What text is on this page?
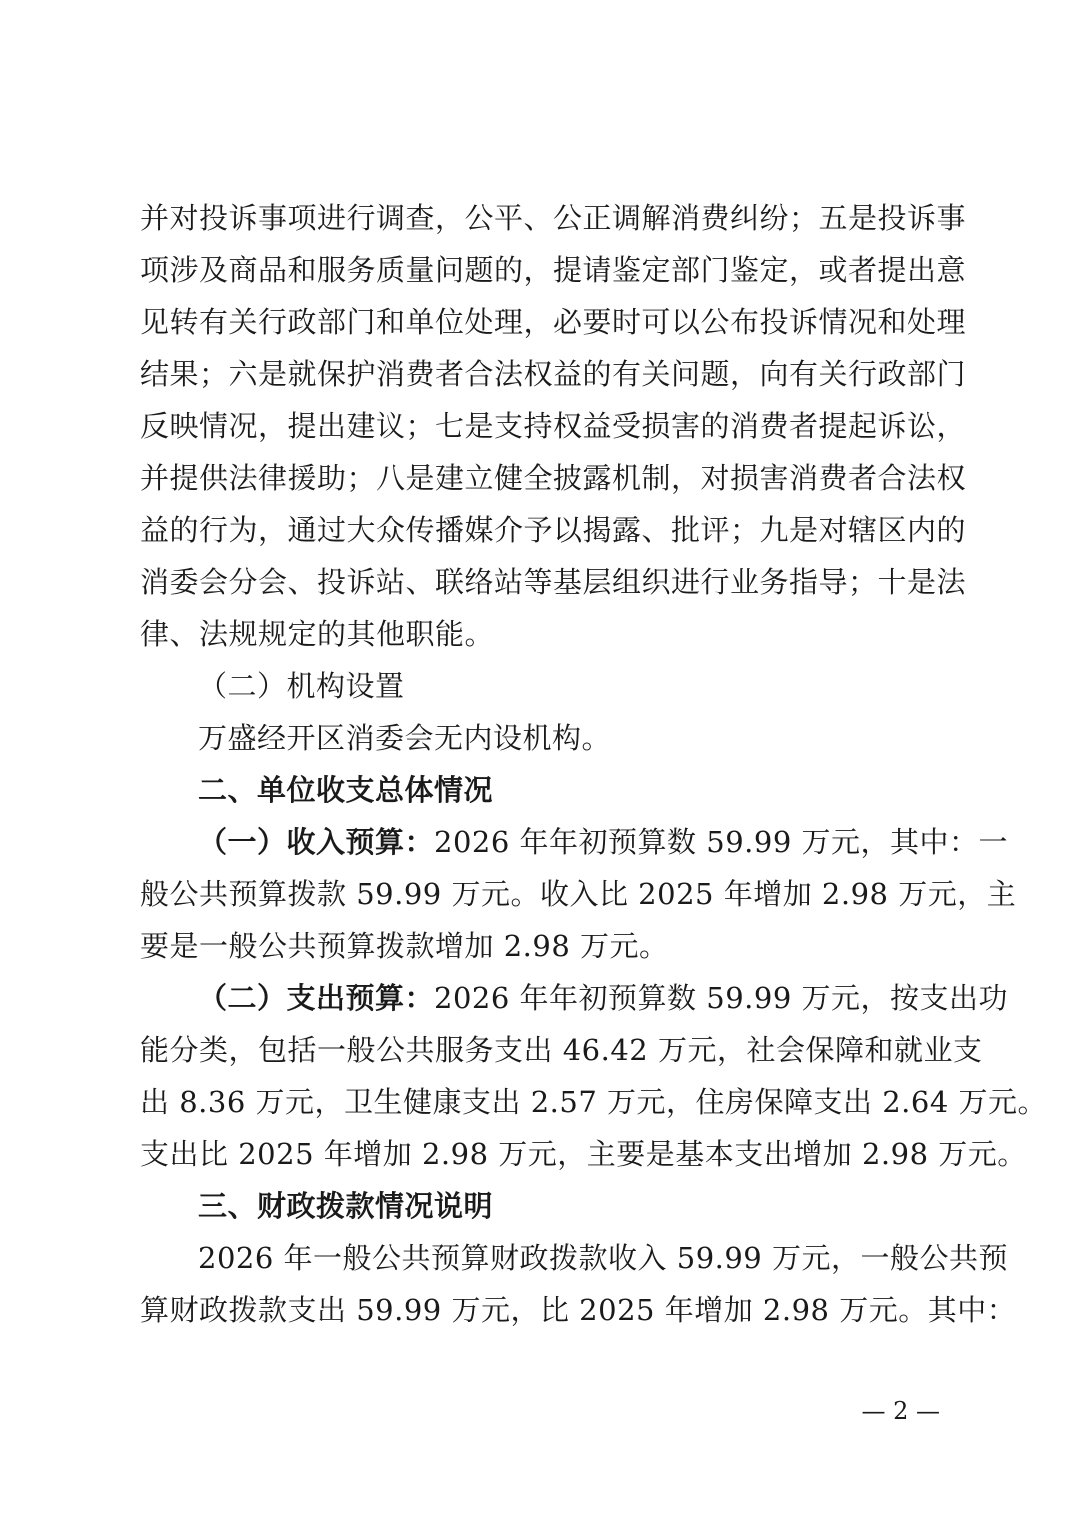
并对投诉事项进行调查，公平、公正调解消费纠纷；五是投诉事
项涉及商品和服务质量问题的，提请鉴定部门鉴定，或者提出意
见转有关行政部门和单位处理，必要时可以公布投诉情况和处理
结果；六是就保护消费者合法权益的有关问题，向有关行政部门
反映情况，提出建议；七是支持权益受损害的消费者提起诉讼，
并提供法律援助；八是建立健全披露机制，对损害消费者合法权
益的行为，通过大众传播媒介予以揭露、批评；九是对辖区内的
消委会分会、投诉站、联络站等基层组织进行业务指导；十是法
律、法规规定的其他职能。
（二）机构设置
万盛经开区消委会无内设机构。
二、单位收支总体情况
（一）收入预算：2026 年年初预算数 59.99 万元，其中：一
般公共预算拨款 59.99 万元。收入比 2025 年增加 2.98 万元，主
要是一般公共预算拨款增加 2.98 万元。
（二）支出预算：2026 年年初预算数 59.99 万元，按支出功
能分类，包括一般公共服务支出 46.42 万元，社会保障和就业支
出 8.36 万元，卫生健康支出 2.57 万元，住房保障支出 2.64 万元。
支出比 2025 年增加 2.98 万元，主要是基本支出增加 2.98 万元。
三、财政拨款情况说明
2026 年一般公共预算财政拨款收入 59.99 万元，一般公共预
算财政拨款支出 59.99 万元，比 2025 年增加 2.98 万元。其中：
— 2 —
